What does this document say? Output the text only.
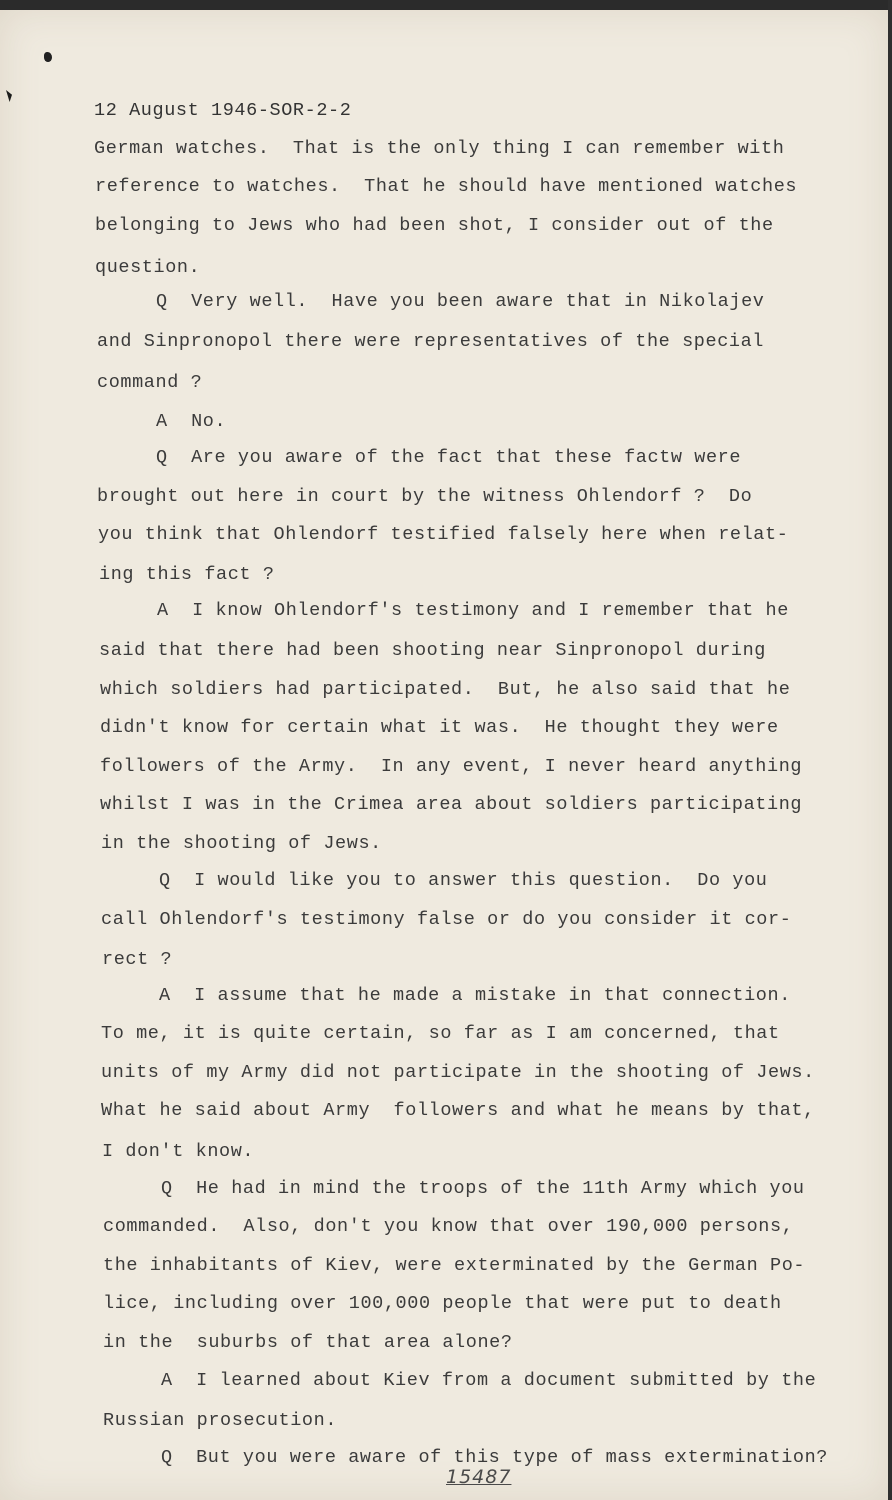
12 August 1946-SOR-2-2

German watches.  That is the only thing I can remember with

reference to watches.  That he should have mentioned watches

belonging to Jews who had been shot, I consider out of the

question.

Q  Very well.  Have you been aware that in Nikolajev

and Sinpronopol there were representatives of the special

command ?

A  No.

Q  Are you aware of the fact that these factw were

brought out here in court by the witness Ohlendorf ?  Do

you think that Ohlendorf testified falsely here when relat-

ing this fact ?

A  I know Ohlendorf's testimony and I remember that he

said that there had been shooting near Sinpronopol during

which soldiers had participated.  But, he also said that he

didn't know for certain what it was.  He thought they were

followers of the Army.  In any event, I never heard anything

whilst I was in the Crimea area about soldiers participating

in the shooting of Jews.

Q  I would like you to answer this question.  Do you

call Ohlendorf's testimony false or do you consider it cor-

rect ?

A  I assume that he made a mistake in that connection.

To me, it is quite certain, so far as I am concerned, that

units of my Army did not participate in the shooting of Jews.

What he said about Army  followers and what he means by that,

I don't know.

Q  He had in mind the troops of the 11th Army which you

commanded.  Also, don't you know that over 190,000 persons,

the inhabitants of Kiev, were exterminated by the German Po-

lice, including over 100,000 people that were put to death

in the  suburbs of that area alone?

A  I learned about Kiev from a document submitted by the

Russian prosecution.

Q  But you were aware of this type of mass extermination?

15487
